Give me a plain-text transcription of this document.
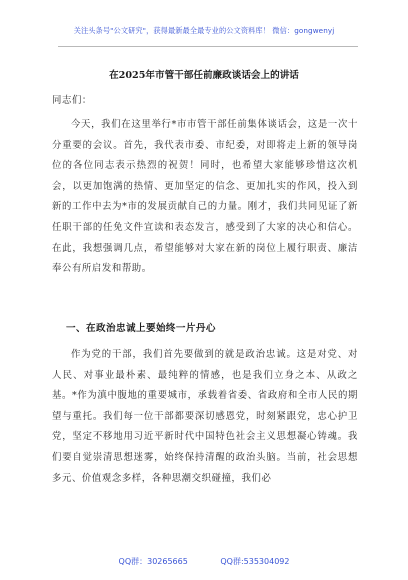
关注头条号"公文研究"，获得最新最全最专业的公文资料库！ 微信：gongwenyj
在2025年市管干部任前廉政谈话会上的讲话
同志们：
今天，我们在这里举行*市市管干部任前集体谈话会，这是一次十分重要的会议。首先，我代表市委、市纪委，对即将走上新的领导岗位的各位同志表示热烈的祝贺！同时，也希望大家能够珍惜这次机会，以更加饱满的热情、更加坚定的信念、更加扎实的作风，投入到新的工作中去为*市的发展贡献自己的力量。刚才，我们共同见证了新任职干部的任免文件宣读和表态发言，感受到了大家的决心和信心。在此，我想强调几点，希望能够对大家在新的岗位上履行职责、廉洁奉公有所启发和帮助。
一、在政治忠诚上要始终一片丹心
作为党的干部，我们首先要做到的就是政治忠诚。这是对党、对人民、对事业最朴素、最纯粹的情感，也是我们立身之本、从政之基。*作为滇中腹地的重要城市，承载着省委、省政府和全市人民的期望与重托。我们每一位干部都要深切感恩党，时刻紧跟党，忠心护卫党，坚定不移地用习近平新时代中国特色社会主义思想凝心铸魂。我们要自觉崇清思想迷雾，始终保持清醒的政治头脑。当前，社会思想多元、价值观念多样，各种思潮交织碰撞，我们必
QQ群：30265665	QQ群:535304092
